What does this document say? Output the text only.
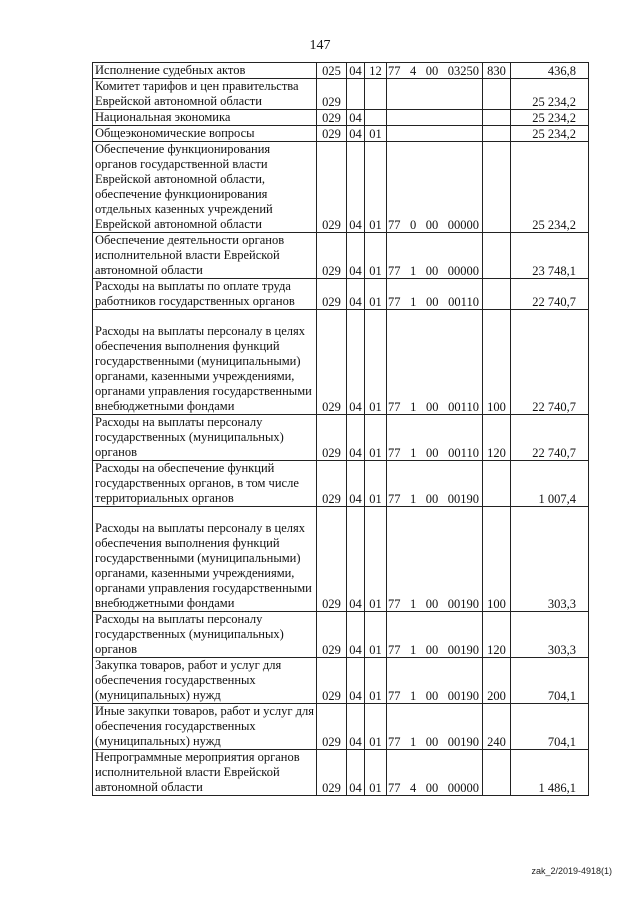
147
Исполнение судебных актов	025	04	12	77 4 00 03250	830	436,8
Комитет тарифов и цен правительства Еврейской автономной области	029					25 234,2
Национальная экономика	029	04				25 234,2
Общеэкономические вопросы	029	04	01			25 234,2
Обеспечение функционирования органов государственной власти Еврейской автономной области, обеспечение функционирования отдельных казенных учреждений Еврейской автономной области	029	04	01	77 0 00 00000		25 234,2
Обеспечение деятельности органов исполнительной власти Еврейской автономной области	029	04	01	77 1 00 00000		23 748,1
Расходы на выплаты по оплате труда работников государственных органов	029	04	01	77 1 00 00110		22 740,7
Расходы на выплаты персоналу в целях обеспечения выполнения функций государственными (муниципальными) органами, казенными учреждениями, органами управления государственными внебюджетными фондами	029	04	01	77 1 00 00110	100	22 740,7
Расходы на выплаты персоналу государственных (муниципальных) органов	029	04	01	77 1 00 00110	120	22 740,7
Расходы на обеспечение функций государственных органов, в том числе территориальных органов	029	04	01	77 1 00 00190		1 007,4
Расходы на выплаты персоналу в целях обеспечения выполнения функций государственными (муниципальными) органами, казенными учреждениями, органами управления государственными внебюджетными фондами	029	04	01	77 1 00 00190	100	303,3
Расходы на выплаты персоналу государственных (муниципальных) органов	029	04	01	77 1 00 00190	120	303,3
Закупка товаров, работ и услуг для обеспечения государственных (муниципальных) нужд	029	04	01	77 1 00 00190	200	704,1
Иные закупки товаров, работ и услуг для обеспечения государственных (муниципальных) нужд	029	04	01	77 1 00 00190	240	704,1
Непрограммные мероприятия органов исполнительной власти Еврейской автономной области	029	04	01	77 4 00 00000		1 486,1
zak_2/2019-4918(1)
